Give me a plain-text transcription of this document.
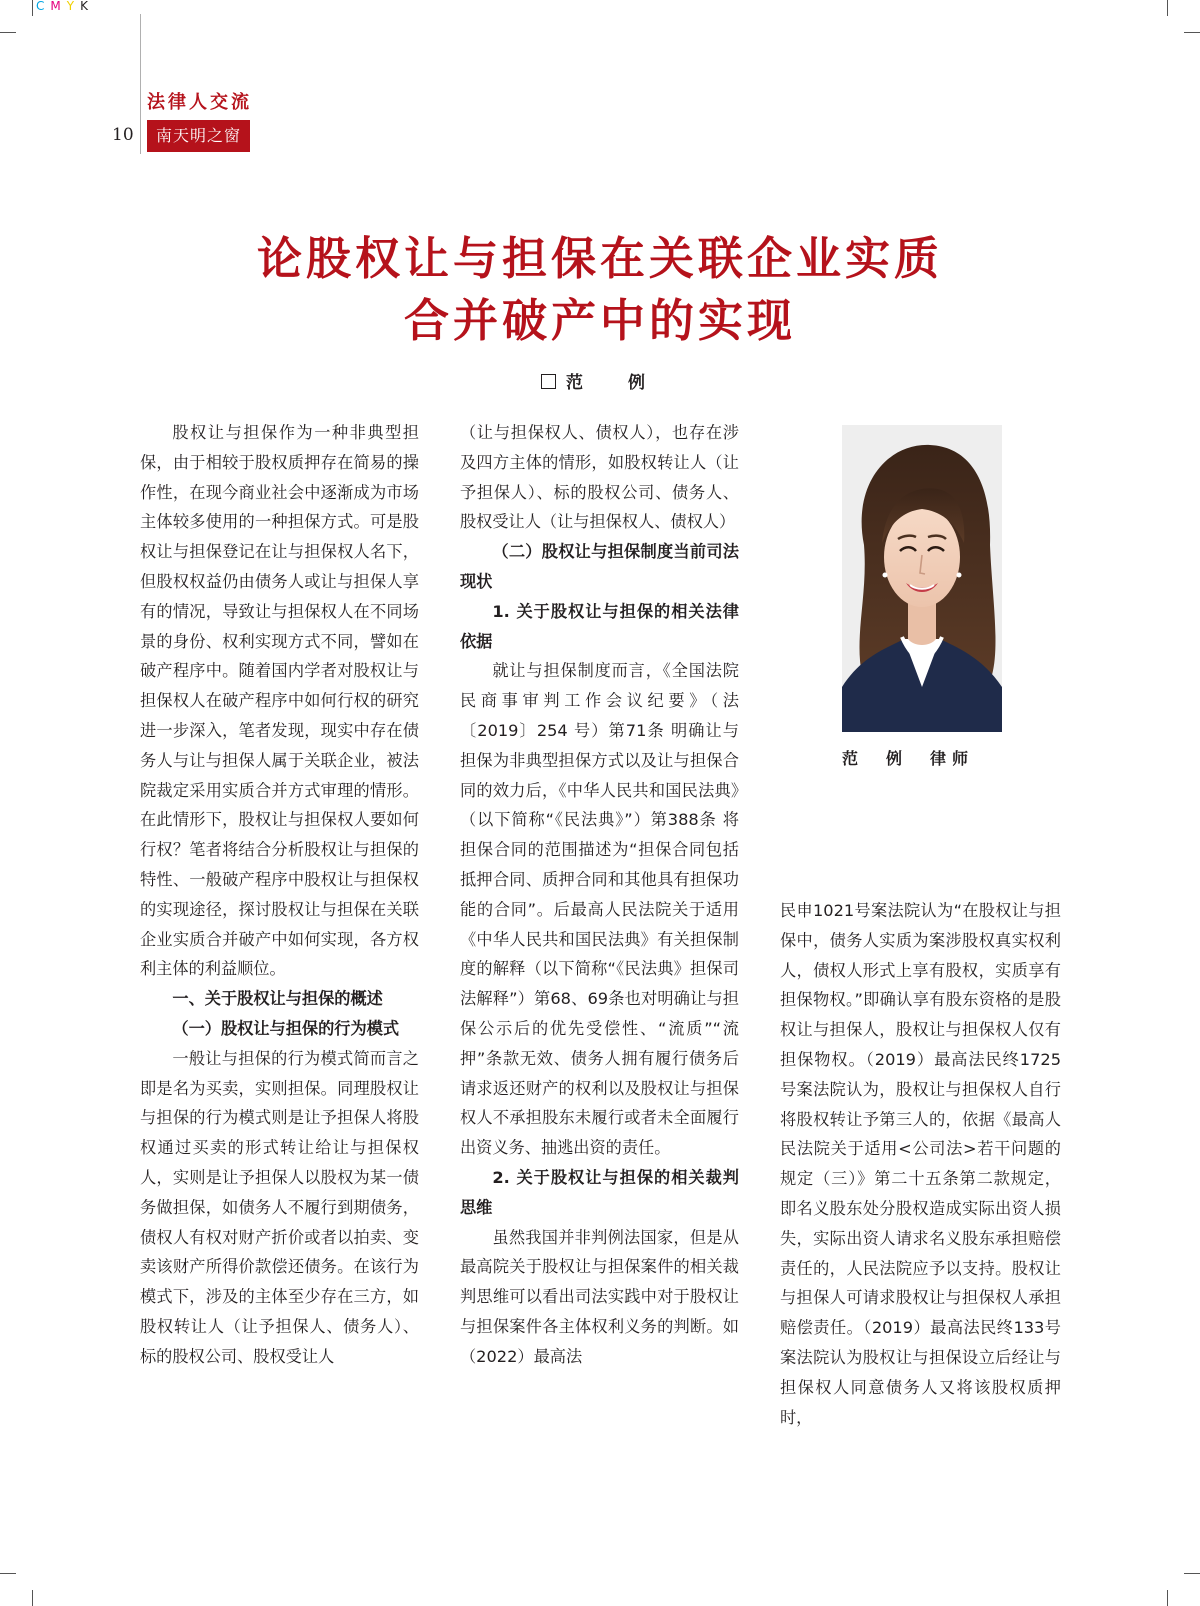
CMYK
法律人交流
10	南天明之窗
论股权让与担保在关联企业实质
合并破产中的实现
范　例

股权让与担保作为一种非典型担保，由于相较于股权质押存在简易的操作性，在现今商业社会中逐渐成为市场主体较多使用的一种担保方式。可是股权让与担保登记在让与担保权人名下，但股权权益仍由债务人或让与担保人享有的情况，导致让与担保权人在不同场景的身份、权利实现方式不同，譬如在破产程序中。随着国内学者对股权让与担保权人在破产程序中如何行权的研究进一步深入，笔者发现，现实中存在债务人与让与担保人属于关联企业，被法院裁定采用实质合并方式审理的情形。在此情形下，股权让与担保权人要如何行权？笔者将结合分析股权让与担保的特性、一般破产程序中股权让与担保权的实现途径，探讨股权让与担保在关联企业实质合并破产中如何实现，各方权利主体的利益顺位。

一、关于股权让与担保的概述
（一）股权让与担保的行为模式

一般让与担保的行为模式简而言之即是名为买卖，实则担保。同理股权让与担保的行为模式则是让予担保人将股权通过买卖的形式转让给让与担保权人，实则是让予担保人以股权为某一债务做担保，如债务人不履行到期债务，债权人有权对财产折价或者以拍卖、变卖该财产所得价款偿还债务。在该行为模式下，涉及的主体至少存在三方，如股权转让人（让予担保人、债务人）、标的股权公司、股权受让人

（让与担保权人、债权人），也存在涉及四方主体的情形，如股权转让人（让予担保人）、标的股权公司、债务人、股权受让人（让与担保权人、债权人）

（二）股权让与担保制度当前司法现状
1. 关于股权让与担保的相关法律依据

就让与担保制度而言，《全国法院民商事审判工作会议纪要》（法〔2019〕254 号）第71条 明确让与担保为非典型担保方式以及让与担保合同的效力后，《中华人民共和国民法典》（以下简称“《民法典》”）第388条 将担保合同的范围描述为“担保合同包括抵押合同、质押合同和其他具有担保功能的合同”。后最高人民法院关于适用《中华人民共和国民法典》有关担保制度的解释（以下简称“《民法典》担保司法解释”）第68、69条也对明确让与担保公示后的优先受偿性、“流质”“流押”条款无效、债务人拥有履行债务后请求返还财产的权利以及股权让与担保权人不承担股东未履行或者未全面履行出资义务、抽逃出资的责任。

2. 关于股权让与担保的相关裁判思维

虽然我国并非判例法国家，但是从最高院关于股权让与担保案件的相关裁判思维可以看出司法实践中对于股权让与担保案件各主体权利义务的判断。如（2022）最高法

范　例 律师

民申1021号案法院认为“在股权让与担保中，债务人实质为案涉股权真实权利人，债权人形式上享有股权，实质享有担保物权。”即确认享有股东资格的是股权让与担保人，股权让与担保权人仅有担保物权。（2019）最高法民终1725号案法院认为，股权让与担保权人自行将股权转让予第三人的，依据《最高人民法院关于适用<公司法>若干问题的规定（三）》第二十五条第二款规定，即名义股东处分股权造成实际出资人损失，实际出资人请求名义股东承担赔偿责任的，人民法院应予以支持。股权让与担保人可请求股权让与担保权人承担赔偿责任。（2019）最高法民终133号案法院认为股权让与担保设立后经让与担保权人同意债务人又将该股权质押时，
